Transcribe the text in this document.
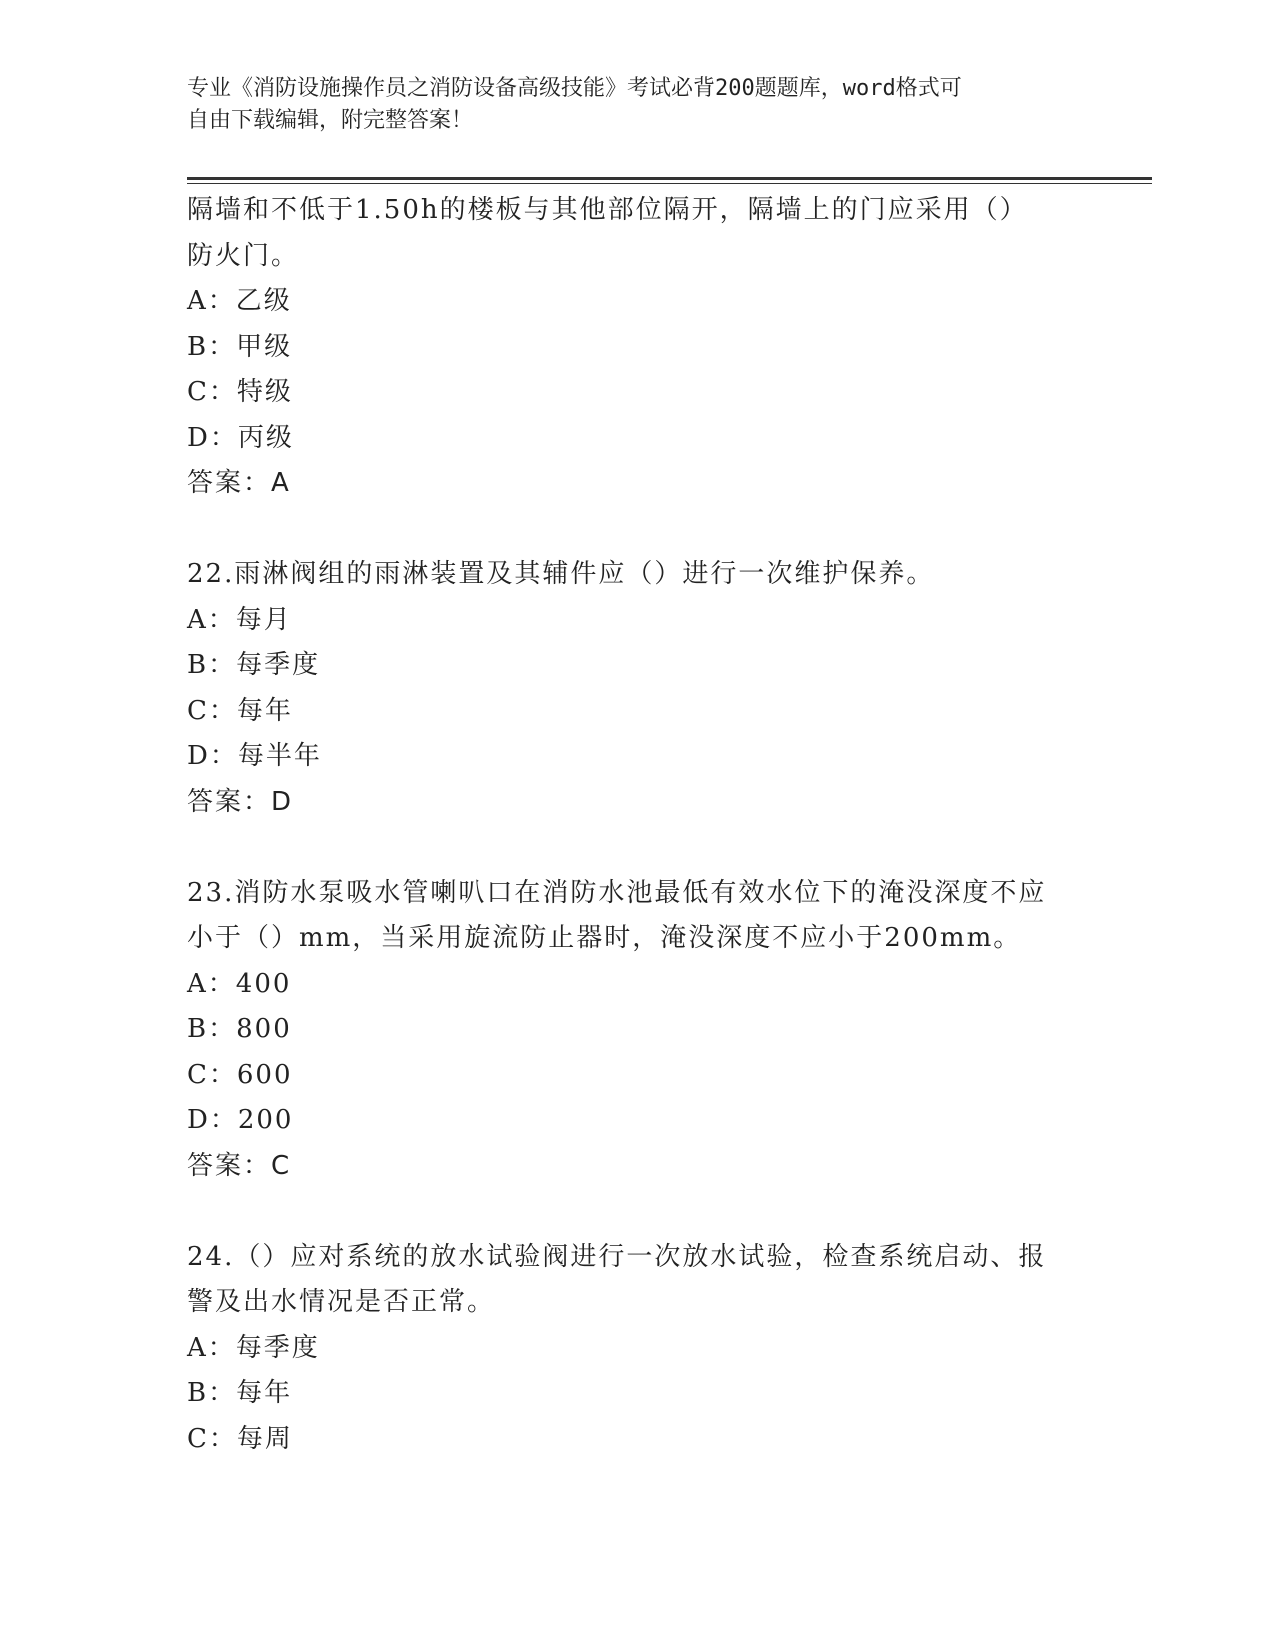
专业《消防设施操作员之消防设备高级技能》考试必背200题题库，word格式可
自由下载编辑，附完整答案！
隔墙和不低于1.50h的楼板与其他部位隔开，隔墙上的门应采用（）
防火门。
A：乙级
B：甲级
C：特级
D：丙级
答案：A
22.雨淋阀组的雨淋装置及其辅件应（）进行一次维护保养。
A：每月
B：每季度
C：每年
D：每半年
答案：D
23.消防水泵吸水管喇叭口在消防水池最低有效水位下的淹没深度不应
小于（）mm，当采用旋流防止器时，淹没深度不应小于200mm。
A：400
B：800
C：600
D：200
答案：C
24.（）应对系统的放水试验阀进行一次放水试验，检查系统启动、报
警及出水情况是否正常。
A：每季度
B：每年
C：每周
